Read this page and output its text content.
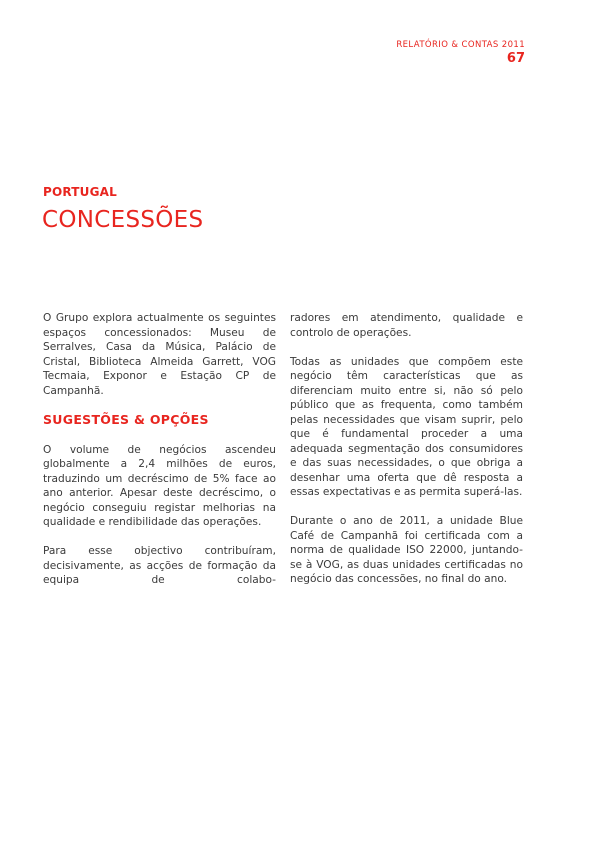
RELATÓRIO & CONTAS 2011
67
PORTUGAL
CONCESSÕES

O Grupo explora actualmente os seguintes espaços concessionados: Museu de Serralves, Casa da Música, Palácio de Cristal, Biblioteca Almeida Garrett, VOG Tecmaia, Exponor e Estação CP de Campanhã.

SUGESTÕES & OPÇÕES

O volume de negócios ascendeu globalmente a 2,4 milhões de euros, traduzindo um decréscimo de 5% face ao ano anterior. Apesar deste decréscimo, o negócio conseguiu registar melhorias na qualidade e rendibilidade das operações.

Para esse objectivo contribuíram, decisivamente, as acções de formação da equipa de colabo-

radores em atendimento, qualidade e controlo de operações.

Todas as unidades que compõem este negócio têm características que as diferenciam muito entre si, não só pelo público que as frequenta, como também pelas necessidades que visam suprir, pelo que é fundamental proceder a uma adequada segmentação dos consumidores e das suas necessidades, o que obriga a desenhar uma oferta que dê resposta a essas expectativas e as permita superá-las.

Durante o ano de 2011, a unidade Blue Café de Campanhã foi certificada com a norma de qualidade ISO 22000, juntando-se à VOG, as duas unidades certificadas no negócio das concessões, no final do ano.
